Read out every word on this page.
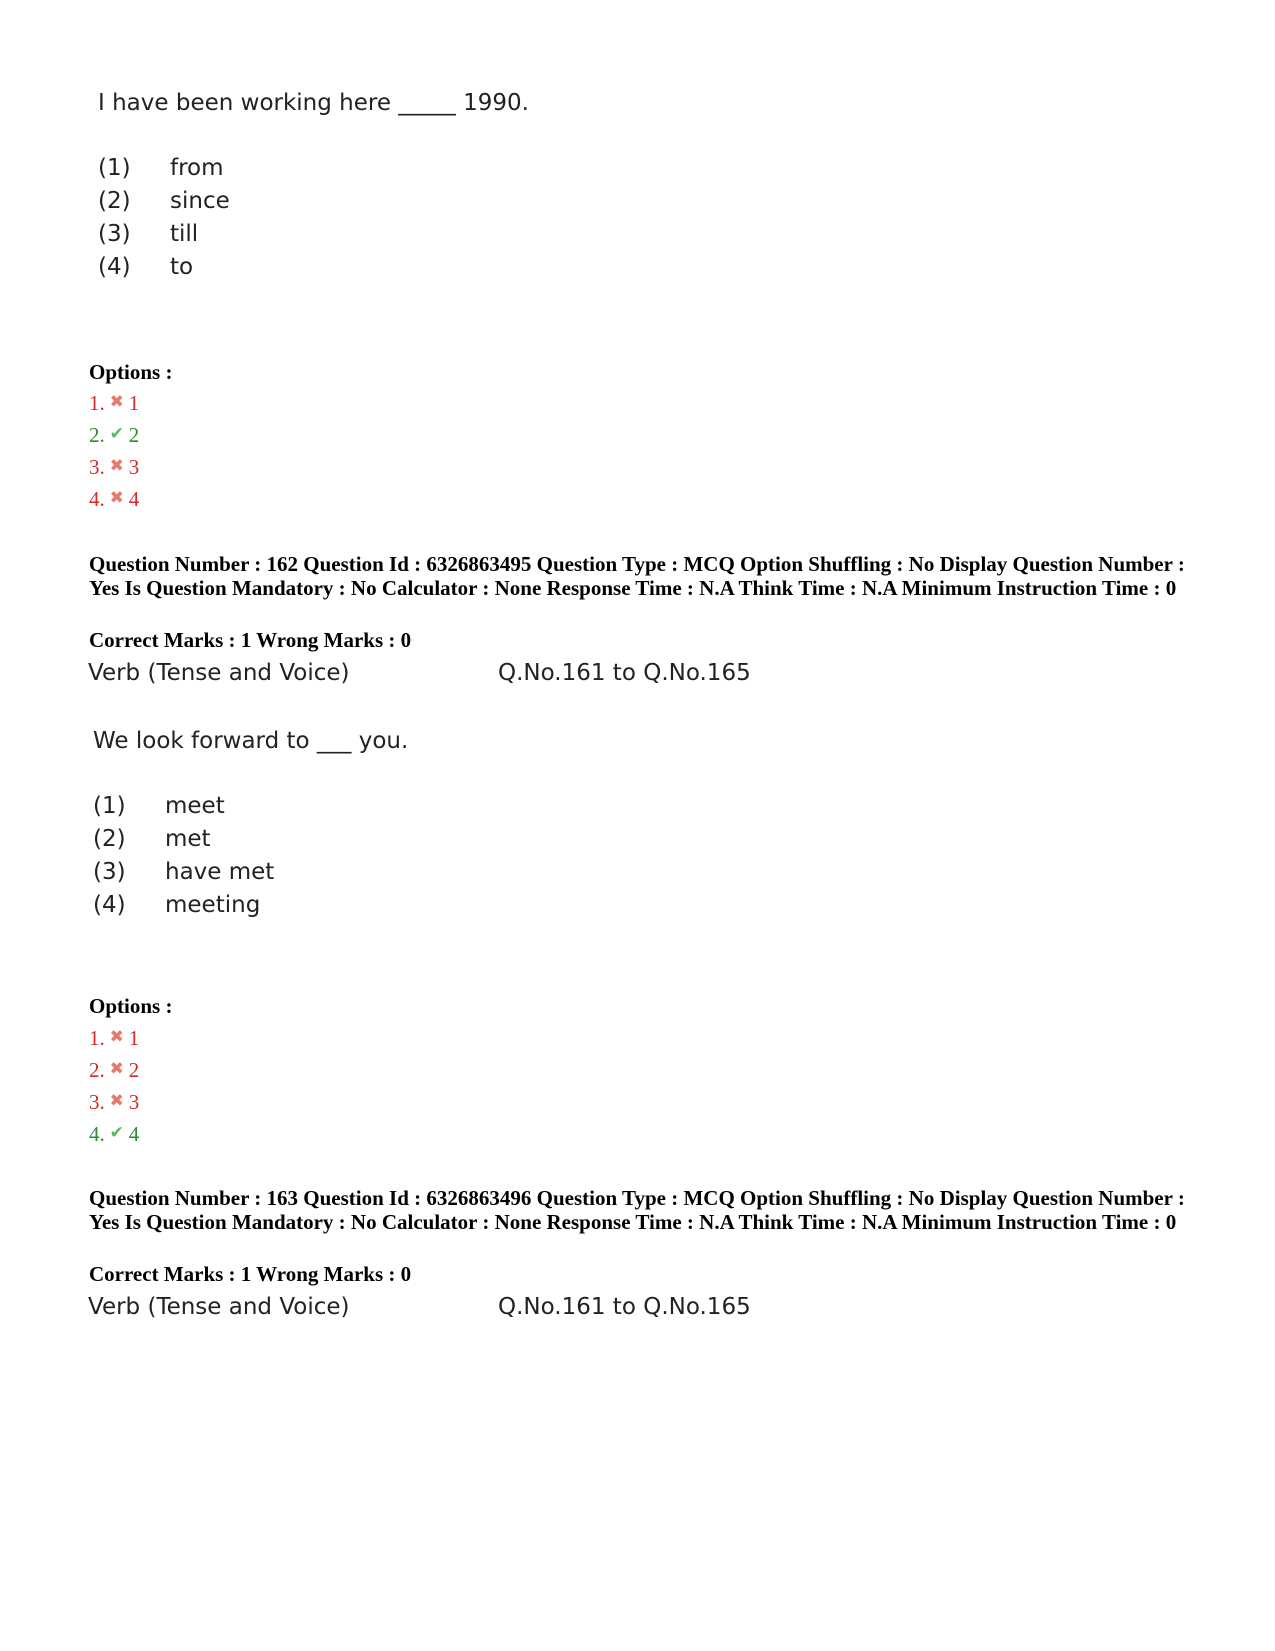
I have been working here _____ 1990.
(1) from
(2) since
(3) till
(4) to
Options :
1. ✖ 1
2. ✔ 2
3. ✖ 3
4. ✖ 4
Question Number : 162 Question Id : 6326863495 Question Type : MCQ Option Shuffling : No Display Question Number : Yes Is Question Mandatory : No Calculator : None Response Time : N.A Think Time : N.A Minimum Instruction Time : 0
Correct Marks : 1 Wrong Marks : 0
Verb (Tense and Voice)	Q.No.161 to Q.No.165
We look forward to ___ you.
(1) meet
(2) met
(3) have met
(4) meeting
Options :
1. ✖ 1
2. ✖ 2
3. ✖ 3
4. ✔ 4
Question Number : 163 Question Id : 6326863496 Question Type : MCQ Option Shuffling : No Display Question Number : Yes Is Question Mandatory : No Calculator : None Response Time : N.A Think Time : N.A Minimum Instruction Time : 0
Correct Marks : 1 Wrong Marks : 0
Verb (Tense and Voice)	Q.No.161 to Q.No.165
